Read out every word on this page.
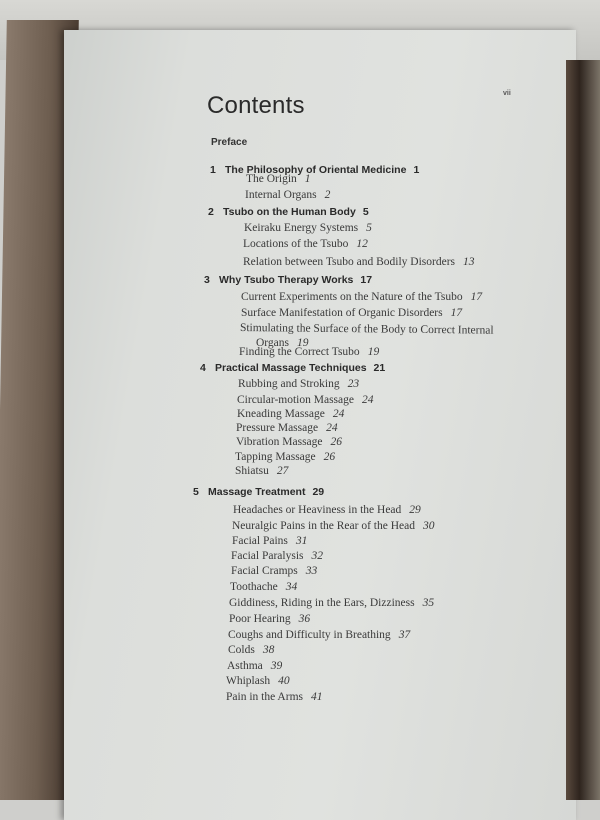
Contents	vii
Preface
1 The Philosophy of Oriental Medicine 1
The Origin 1
Internal Organs 2
2 Tsubo on the Human Body 5
Keiraku Energy Systems 5
Locations of the Tsubo 12
Relation between Tsubo and Bodily Disorders 13
3 Why Tsubo Therapy Works 17
Current Experiments on the Nature of the Tsubo 17
Surface Manifestation of Organic Disorders 17
Stimulating the Surface of the Body to Correct Internal
Organs 19
Finding the Correct Tsubo 19
4 Practical Massage Techniques 21
Rubbing and Stroking 23
Circular-motion Massage 24
Kneading Massage 24
Pressure Massage 24
Vibration Massage 26
Tapping Massage 26
Shiatsu 27
5 Massage Treatment 29
Headaches or Heaviness in the Head 29
Neuralgic Pains in the Rear of the Head 30
Facial Pains 31
Facial Paralysis 32
Facial Cramps 33
Toothache 34
Giddiness, Riding in the Ears, Dizziness 35
Poor Hearing 36
Coughs and Difficulty in Breathing 37
Colds 38
Asthma 39
Whiplash 40
Pain in the Arms 41
